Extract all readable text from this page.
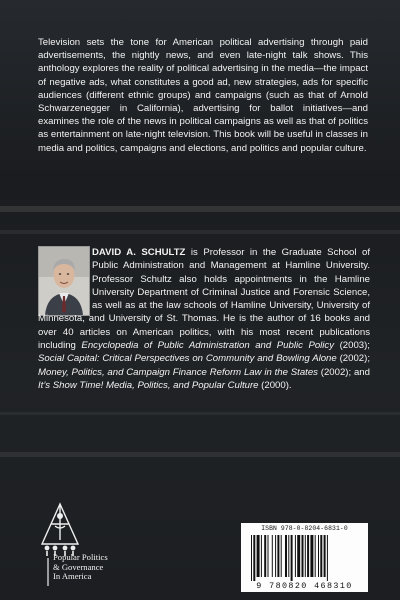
Television sets the tone for American political advertising through paid advertisements, the nightly news, and even late-night talk shows. This anthology explores the reality of political advertising in the media—the impact of negative ads, what constitutes a good ad, new strategies, ads for specific audiences (different ethnic groups) and campaigns (such as that of Arnold Schwarzenegger in California), advertising for ballot initiatives—and examines the role of the news in political campaigns as well as that of politics as entertainment on late-night television. This book will be useful in classes in media and politics, campaigns and elections, and politics and popular culture.

DAVID A. SCHULTZ is Professor in the Graduate School of Public Administration and Management at Hamline University. Professor Schultz also holds appointments in the Hamline University Department of Criminal Justice and Forensic Science, as well as at the law schools of Hamline University, University of Minnesota, and University of St. Thomas. He is the author of 16 books and over 40 articles on American politics, with his most recent publications including Encyclopedia of Public Administration and Public Policy (2003); Social Capital: Critical Perspectives on Community and Bowling Alone (2002); Money, Politics, and Campaign Finance Reform Law in the States (2002); and It’s Show Time! Media, Politics, and Popular Culture (2000).

Popular Politics
& Governance
In America
ISBN 978-0-8204-6831-0
9 780820 468310
